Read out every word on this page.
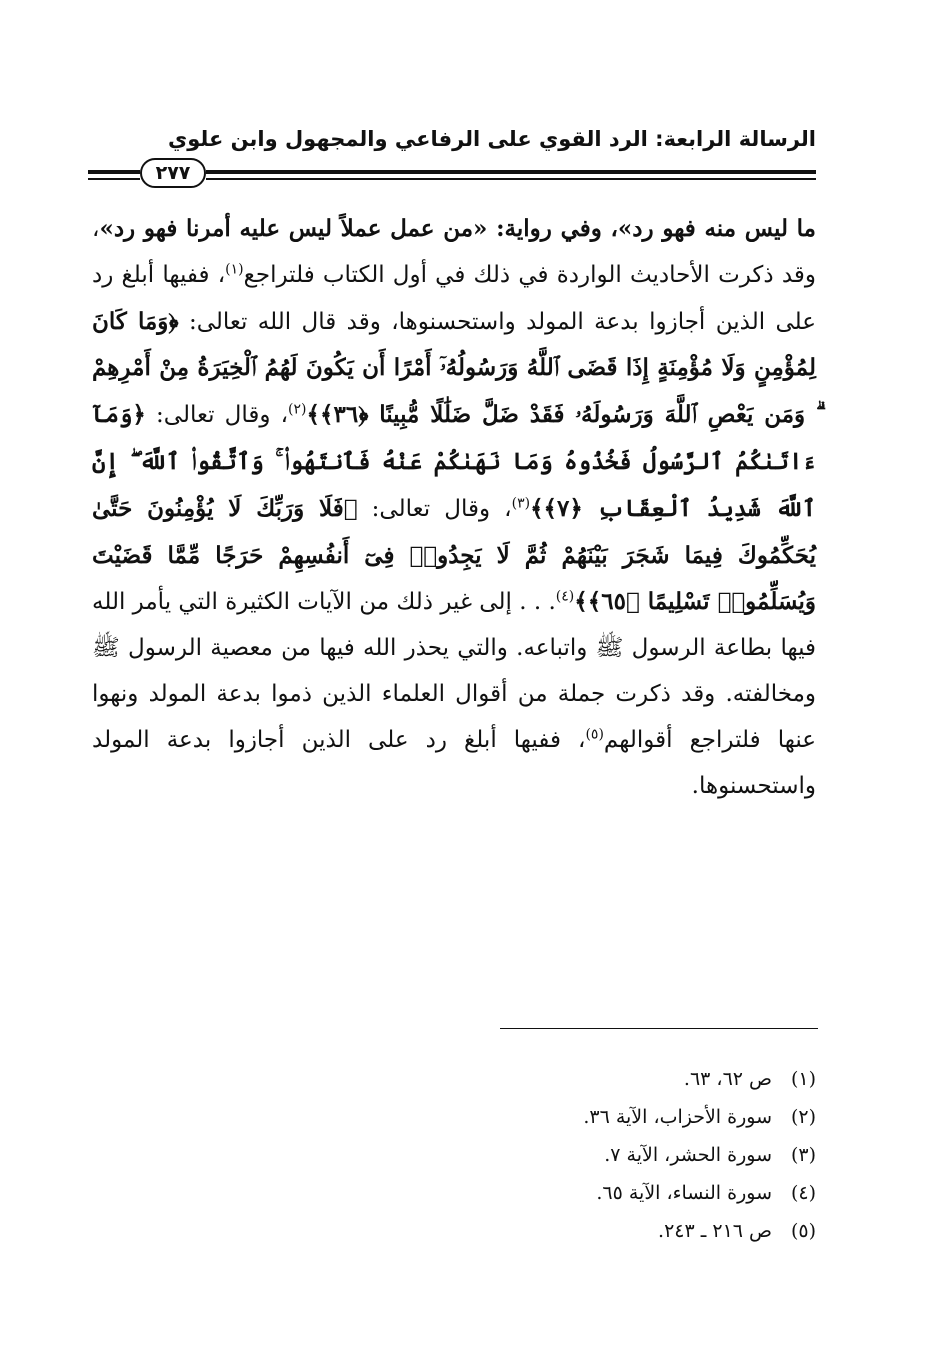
الرسالة الرابعة: الرد القوي على الرفاعي والمجهول وابن علوي
٢٧٧

ما ليس منه فهو رد»، وفي رواية: «من عمل عملاً ليس عليه أمرنا فهو رد»، وقد ذكرت الأحاديث الواردة في ذلك في أول الكتاب فلتراجع$^{(١)}$، ففيها أبلغ رد على الذين أجازوا بدعة المولد واستحسنوها، وقد قال الله تعالى: ﴿وَمَا كَانَ لِمُؤْمِنٍ وَلَا مُؤْمِنَةٍ إِذَا قَضَى ٱللَّهُ وَرَسُولُهُۥٓ أَمْرًا أَن يَكُونَ لَهُمُ ٱلْخِيَرَةُ مِنْ أَمْرِهِمْ ۗ وَمَن يَعْصِ ٱللَّهَ وَرَسُولَهُۥ فَقَدْ ضَلَّ ضَلَٰلًا مُّبِينًا ﴿٣٦﴾﴾$^{(٢)}$، وقال تعالى: ﴿وَمَآ ءَاتَىٰكُمُ ٱلرَّسُولُ فَخُذُوهُ وَمَا نَهَىٰكُمْ عَنْهُ فَٱنتَهُوا۟ ۚ وَٱتَّقُوا۟ ٱللَّهَ ۖ إِنَّ ٱللَّهَ شَدِيدُ ٱلْعِقَابِ ﴿٧﴾﴾$^{(٣)}$، وقال تعالى: ﴿فَلَا وَرَبِّكَ لَا يُؤْمِنُونَ حَتَّىٰ يُحَكِّمُوكَ فِيمَا شَجَرَ بَيْنَهُمْ ثُمَّ لَا يَجِدُوا۟ فِىٓ أَنفُسِهِمْ حَرَجًا مِّمَّا قَضَيْتَ وَيُسَلِّمُوا۟ تَسْلِيمًا ﴿٦٥﴾﴾$^{(٤)}$. . . إلى غير ذلك من الآيات الكثيرة التي يأمر الله فيها بطاعة الرسول ﷺ واتباعه. والتي يحذر الله فيها من معصية الرسول ﷺ ومخالفته. وقد ذكرت جملة من أقوال العلماء الذين ذموا بدعة المولد ونهوا عنها فلتراجع أقوالهم$^{(٥)}$، ففيها أبلغ رد على الذين أجازوا بدعة المولد واستحسنوها.

(١)ص ٦٢، ٦٣.
(٢)سورة الأحزاب، الآية ٣٦.
(٣)سورة الحشر، الآية ٧.
(٤)سورة النساء، الآية ٦٥.
(٥)ص ٢١٦ ـ ٢٤٣.
